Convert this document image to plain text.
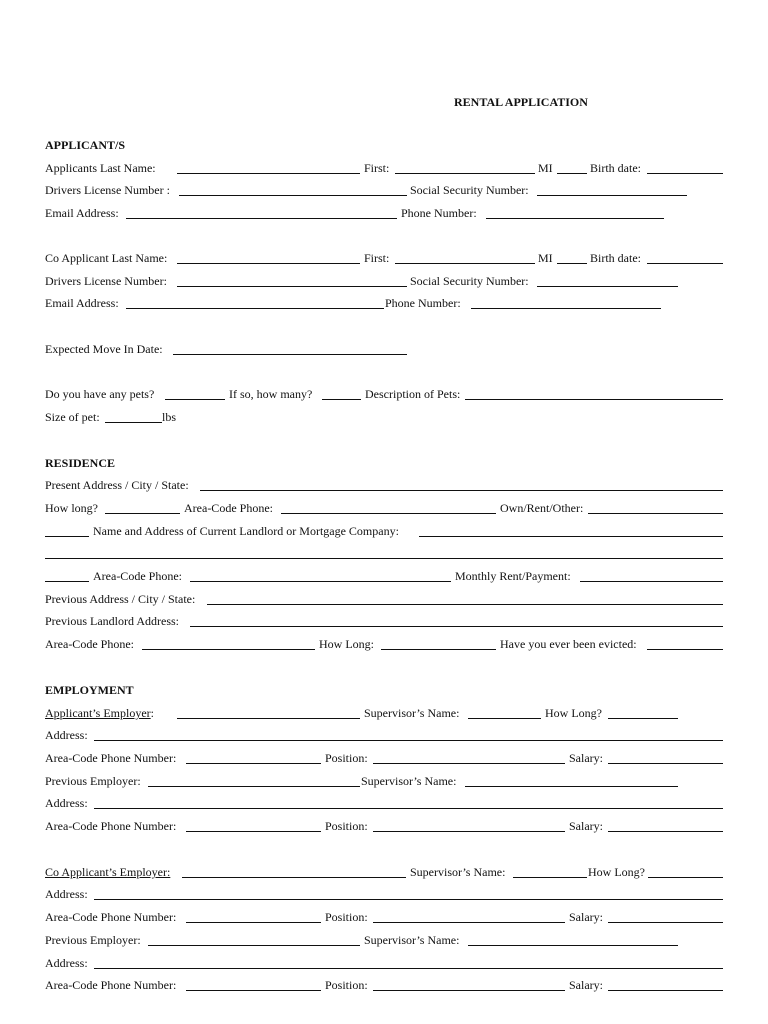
RENTAL APPLICATION
APPLICANT/S
Applicants Last Name:	First:	MI	Birth date:
Drivers License Number :	Social Security Number:
Email Address:	Phone Number:
Co Applicant Last Name:	First:	MI	Birth date:
Drivers License Number:	Social Security Number:
Email Address:	Phone Number:
Expected Move In Date:
Do you have any pets?	If so, how many?	Description of Pets:
Size of pet:	lbs
RESIDENCE
Present Address / City / State:
How long?	Area-Code Phone:	Own/Rent/Other:
Name and Address of Current Landlord or Mortgage Company:
Area-Code Phone:	Monthly Rent/Payment:
Previous Address / City / State:
Previous Landlord Address:
Area-Code Phone:	How Long:	Have you ever been evicted:
EMPLOYMENT
Applicant’s Employer:	Supervisor’s Name:	How Long?
Address:
Area-Code Phone Number:	Position:	Salary:
Previous Employer:	Supervisor’s Name:
Address:
Area-Code Phone Number:	Position:	Salary:
Co Applicant’s Employer:	Supervisor’s Name:	How Long?
Address:
Area-Code Phone Number:	Position:	Salary:
Previous Employer:	Supervisor’s Name:
Address:
Area-Code Phone Number:	Position:	Salary:
